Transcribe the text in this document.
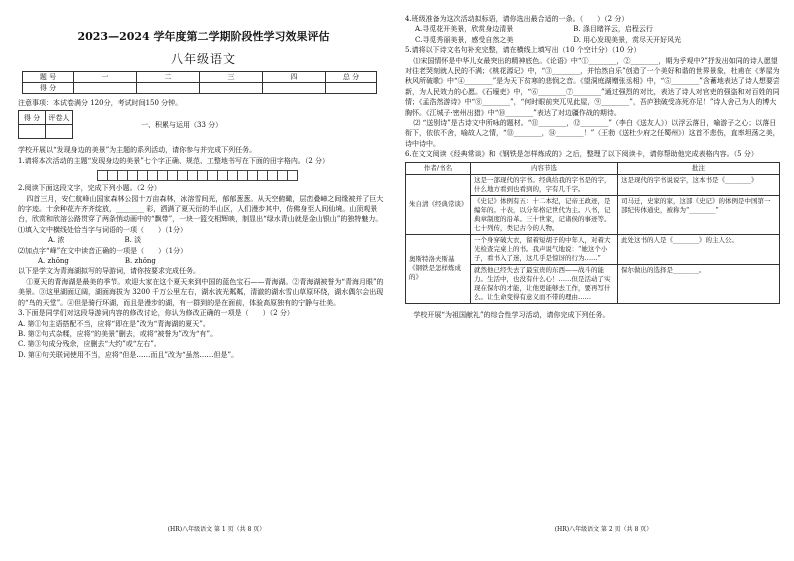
2023—2024 学年度第二学期阶段性学习效果评估

八年级语文

题 号	一	二	三	四	总 分
得 分					

注意事项：本试卷满分 120分，考试时间150 分钟。

得 分	评卷人

一、积累与运用（33 分）

学校开展以“发现身边的美景”为主题的系列活动，请你参与并完成下列任务。

1.请将本次活动的主题“发现身边的美景”七个字正确、规范、工整地书写在下面的田字格内。（2 分）

2.阅读下面这段文字，完成下列小题。（2 分）

四首三月，安仁航峰山国家森林公园十万亩森林，冰溶雪间光，郁郁葱葱。从天空俯瞰，层峦叠嶂之间缘被并了巨大的字迹。十余种花卉齐齐绽放，________ 彩，洒满了夏天衍的半山区，人们漫步其中，仿佛身至人间仙境。山顶观景台，欣赏和欣溶公路贯穿了两条悄动画中的“飘带”，一块一篮交相辉映，制显出“绿水青山就是金山银山”的独特魅力。

⑴填入文中横线处恰当字与词语的一项（　　）（1分）

A. 浓	B. 淡

⑵加点字“峰”在文中读音正确的一项是（　　）（1分）

A. zhōng	B. zhǒng

以下是学文为青海湖拟写的导游词，请你按要求完成任务。

①夏天的青海湖是最美的季节。欢迎大家在这个夏天来到中国的蓝色宝石——青海湖。②青海湖被誉为“青海月眼”的美景。③这里湖面辽阔，湖面海拔为 3200 千万公里左右，湖水波光粼粼，清澈的湖水雪山草原环绕，湖水偶尔会出现的“鸟的天堂”。④但是骑行环湖，而且是漫步的湖，有一群到的是在面前，体验高原独有的宁静与壮美。

3.下面是同学们对这段导游词内容的修改讨论，你认为修改正确的一项是（　　）（2 分）

A. 第①句主语搭配不当，应将“即在是”改为“青海湖的夏天”。

B. 第②句式杂糅，应将“的美景”删去，或将“被誉为”改为“有”。

C. 第③句成分残余，应删去“大约”或“左右”。

D. 第④句关联词使用不当，应将“但是……而且”改为“虽然……但是”。

(HR)八年级语文 第 1 页（共 8 页）

4.班级准备为这次活动拟标语，请你选出最合适的一条。（　　）（2 分）

A.寻觅花开美景，欣赏身边清景	B. 涤目睹祥云，启程云行

C.寻觅秀丽美景，感受自然之美	D. 用心发现美景，赏尽天开好风光

5.请将以下诗文名句补充完整，请在横线上填写出（10 个空计分）（10 分）

⑴宋国情怀是中华儿女最突出的精神底色。《论语》中“①________，②________，期为乎观中?”抒发出如同的诗人愿望对往老哭刻就人民的不满；《桃花源记》中，“③________，并怡然自乐”创造了一个美好和谐的世界景象，杜甫在《茅屋为秋风所破歌》中“④________”是为天下贫寒的悲悯之音。《望洞庭湖赠张丞相》中，“⑤________”含蓄地表达了诗人想要尝新，为人民效力的心愿。《石壕吏》中，“⑥________⑦________”通过强烈的对比，表达了诗人对官吏的强盗和对百姓的同情；《孟浩然游诗》中“⑧________”，“何时眼前突兀见此屋，⑨________”，吾庐独破受冻死亦足！”诗人舍己为人的博大胸怀。《江城子·密州出猎》中“⑩________”表达了对边疆作战的期待。

⑵ “送别诗”是古诗文中所咏的题材。“⑪________，⑫________”（李白《送友人》）以浮云落日，喻游子之心；以落日衔下，依依不舍，喻故人之情，“⑬________，⑭________！”（王勃《送杜少府之任蜀州》）这首不悲伤，直率坦荡之美，诗中诗中。

6.在文文阅读《经典常谈》和《钢铁是怎样炼成的》之后，整理了以下阅读卡，请你帮助他完成表格内容。（5 分）

作者/书名	内容节选	批注
朱自清《经典常谈》	这是一部现代的字书。经典给我的字书是的字，什么地方看到也看到的，字有几千字。	这是现代的字书说说字，这本书是《________》
	《史记》体例有五：十二本纪，记帝王政迹，是编年的。十表，以分年格记世代为主。八书，记典章制度的沿革。三十世家，记诸侯的事迹等。七十列传，类记古今的人物。	司马迁，史家的家，这部《史记》的体例是中国第一部纪传体通史，被称为“________”
奥斯特洛夫斯基《钢铁是怎样炼成的》	一个身穿破大衣，留着短胡子的中年人，对着大光检查完桌上的书。我声说气地说：“她这个小子，看书入了迷，这几乎是惊讶的行为……”	此处这书的人是《________》的主人公。
	就然他已经失去了最宝贵的东西——战斗的能力。生活中，也没有什么心！……但是活动了实现在保尔的才能，让他更能够去工作，要再写什么。让生命变得有意义而不带的理由……	保尔做出的选择是________。

学校开展“为祖国献礼”的综合性学习活动，请你完成下列任务。

(HR)八年级语文 第 2 页（共 8 页）
